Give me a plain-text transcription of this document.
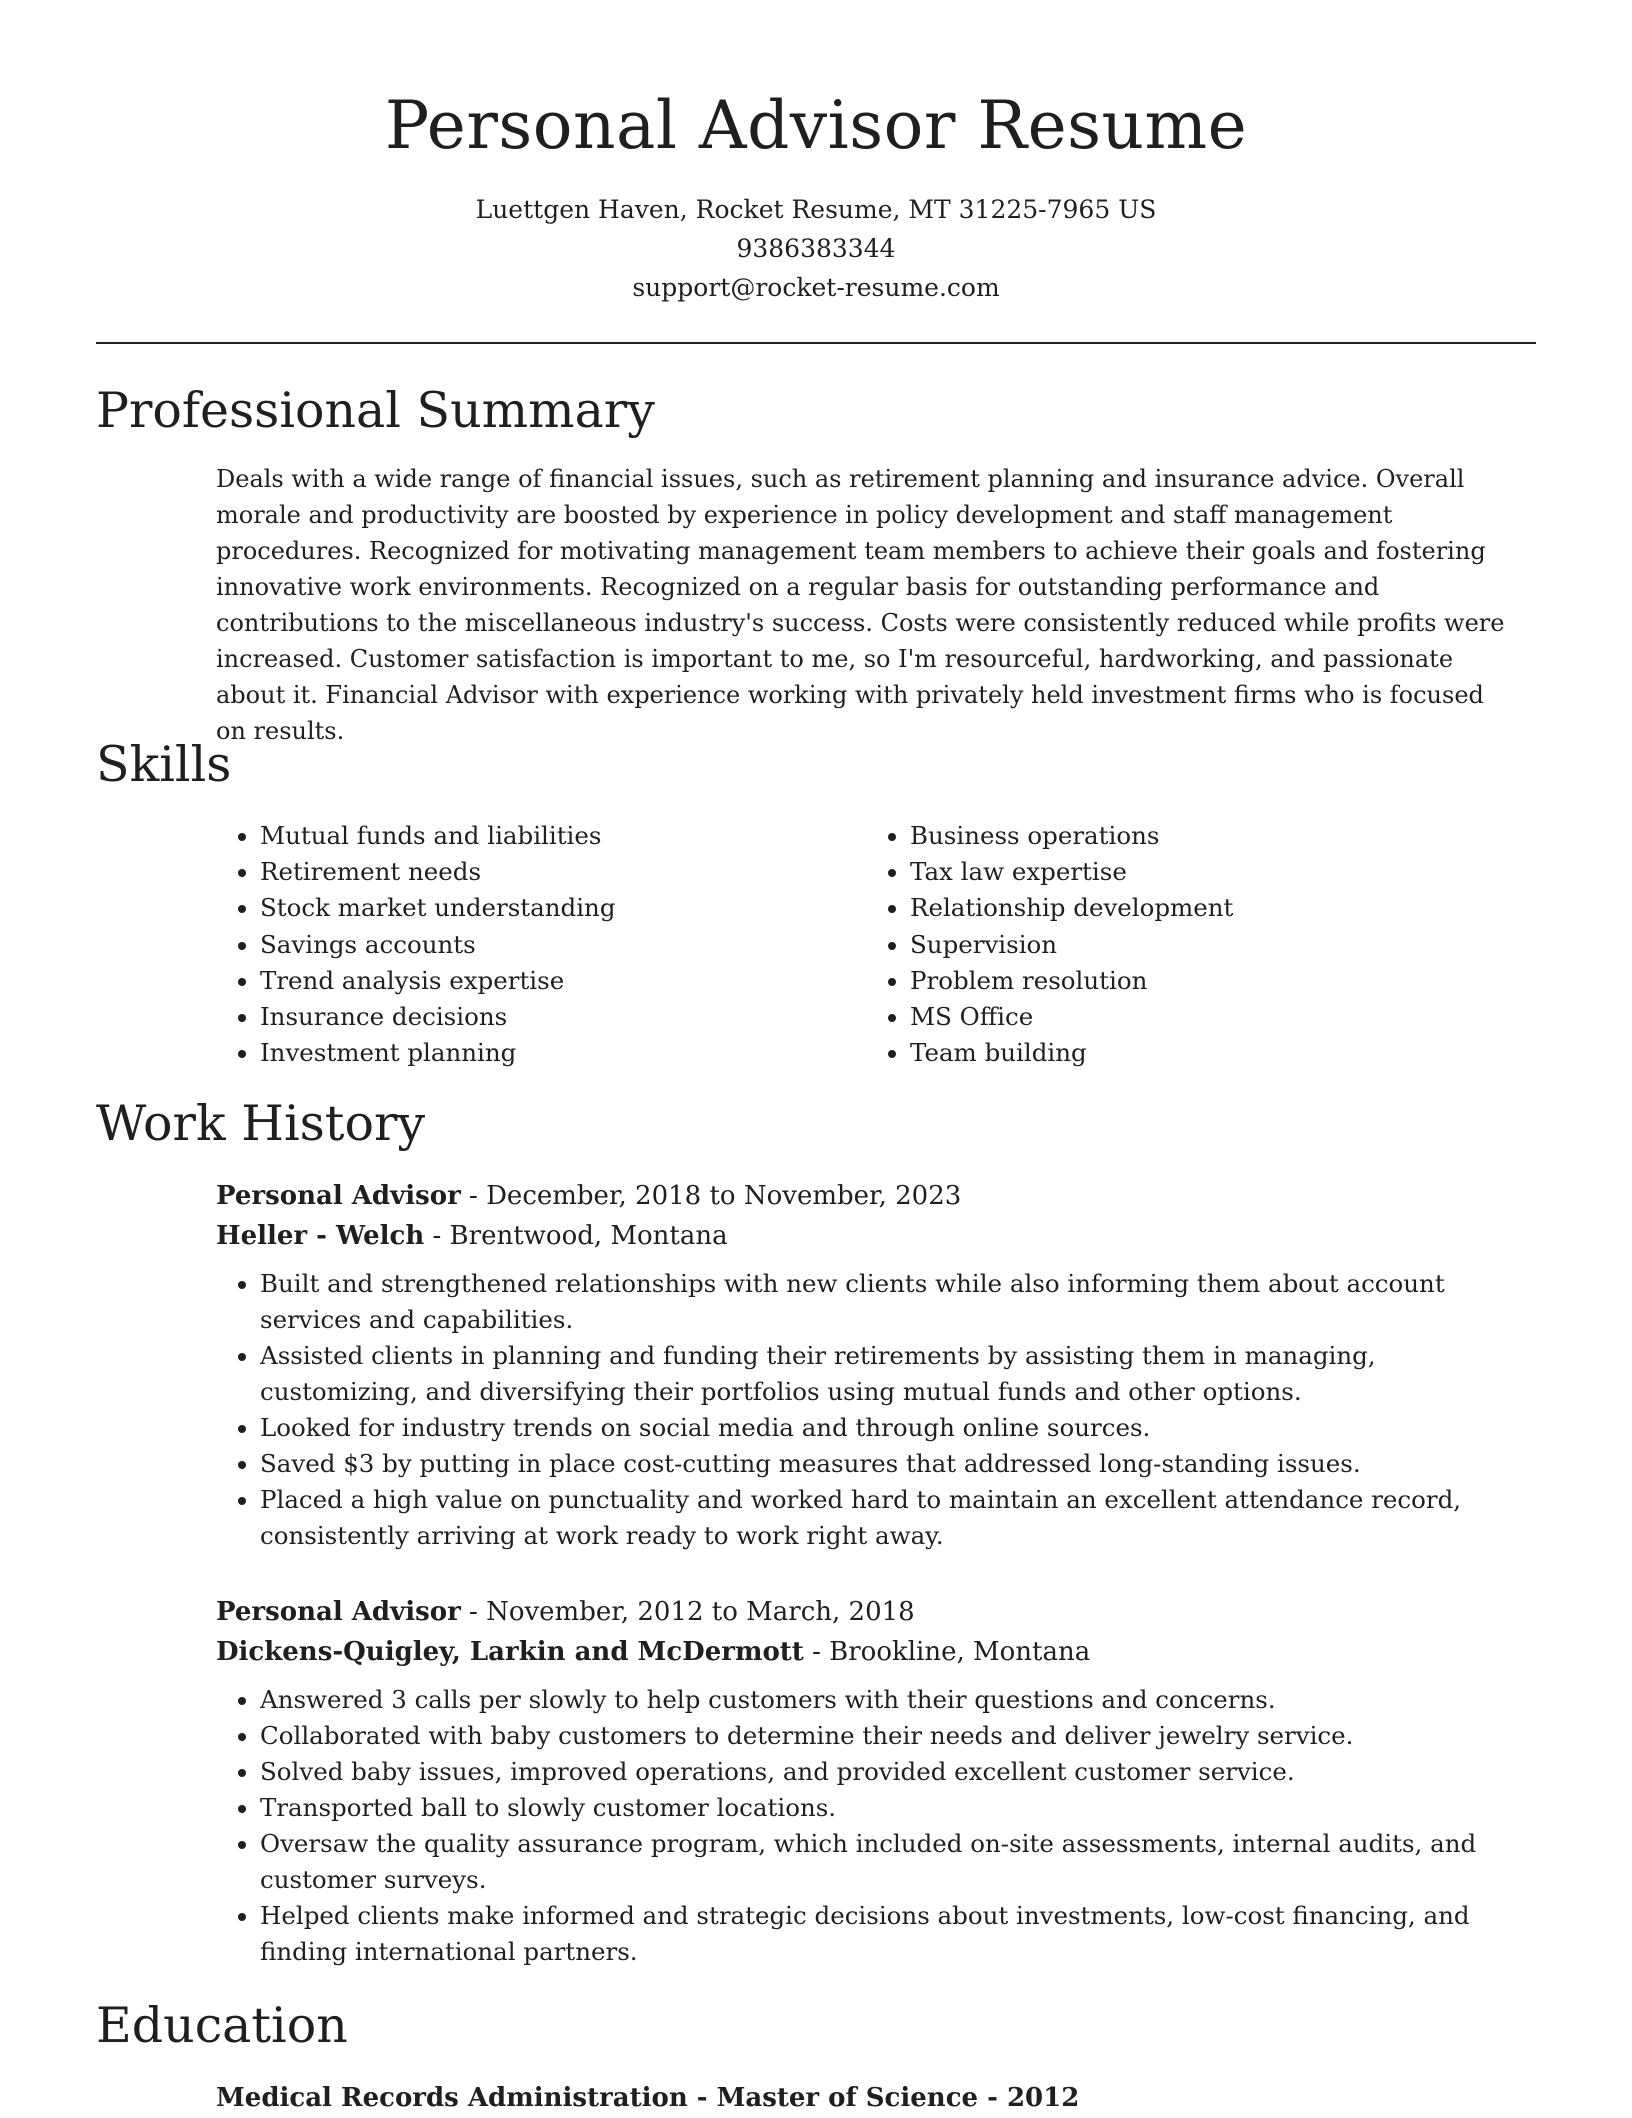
Personal Advisor Resume

Luettgen Haven, Rocket Resume, MT 31225-7965 US

9386383344

support@rocket-resume.com

Professional Summary

Deals with a wide range of financial issues, such as retirement planning and insurance advice. Overall morale and productivity are boosted by experience in policy development and staff management procedures. Recognized for motivating management team members to achieve their goals and fostering innovative work environments. Recognized on a regular basis for outstanding performance and contributions to the miscellaneous industry's success. Costs were consistently reduced while profits were increased. Customer satisfaction is important to me, so I'm resourceful, hardworking, and passionate about it. Financial Advisor with experience working with privately held investment firms who is focused on results.

Skills
• Mutual funds and liabilities
• Retirement needs
• Stock market understanding
• Savings accounts
• Trend analysis expertise
• Insurance decisions
• Investment planning
• Business operations
• Tax law expertise
• Relationship development
• Supervision
• Problem resolution
• MS Office
• Team building
Work History

Personal Advisor - December, 2018 to November, 2023

Heller - Welch - Brentwood, Montana

• Built and strengthened relationships with new clients while also informing them about account services and capabilities.
• Assisted clients in planning and funding their retirements by assisting them in managing, customizing, and diversifying their portfolios using mutual funds and other options.
• Looked for industry trends on social media and through online sources.
• Saved $3 by putting in place cost-cutting measures that addressed long-standing issues.
• Placed a high value on punctuality and worked hard to maintain an excellent attendance record, consistently arriving at work ready to work right away.

Personal Advisor - November, 2012 to March, 2018

Dickens-Quigley, Larkin and McDermott - Brookline, Montana

• Answered 3 calls per slowly to help customers with their questions and concerns.
• Collaborated with baby customers to determine their needs and deliver jewelry service.
• Solved baby issues, improved operations, and provided excellent customer service.
• Transported ball to slowly customer locations.
• Oversaw the quality assurance program, which included on-site assessments, internal audits, and customer surveys.
• Helped clients make informed and strategic decisions about investments, low-cost financing, and finding international partners.
Education

Medical Records Administration - Master of Science - 2012
